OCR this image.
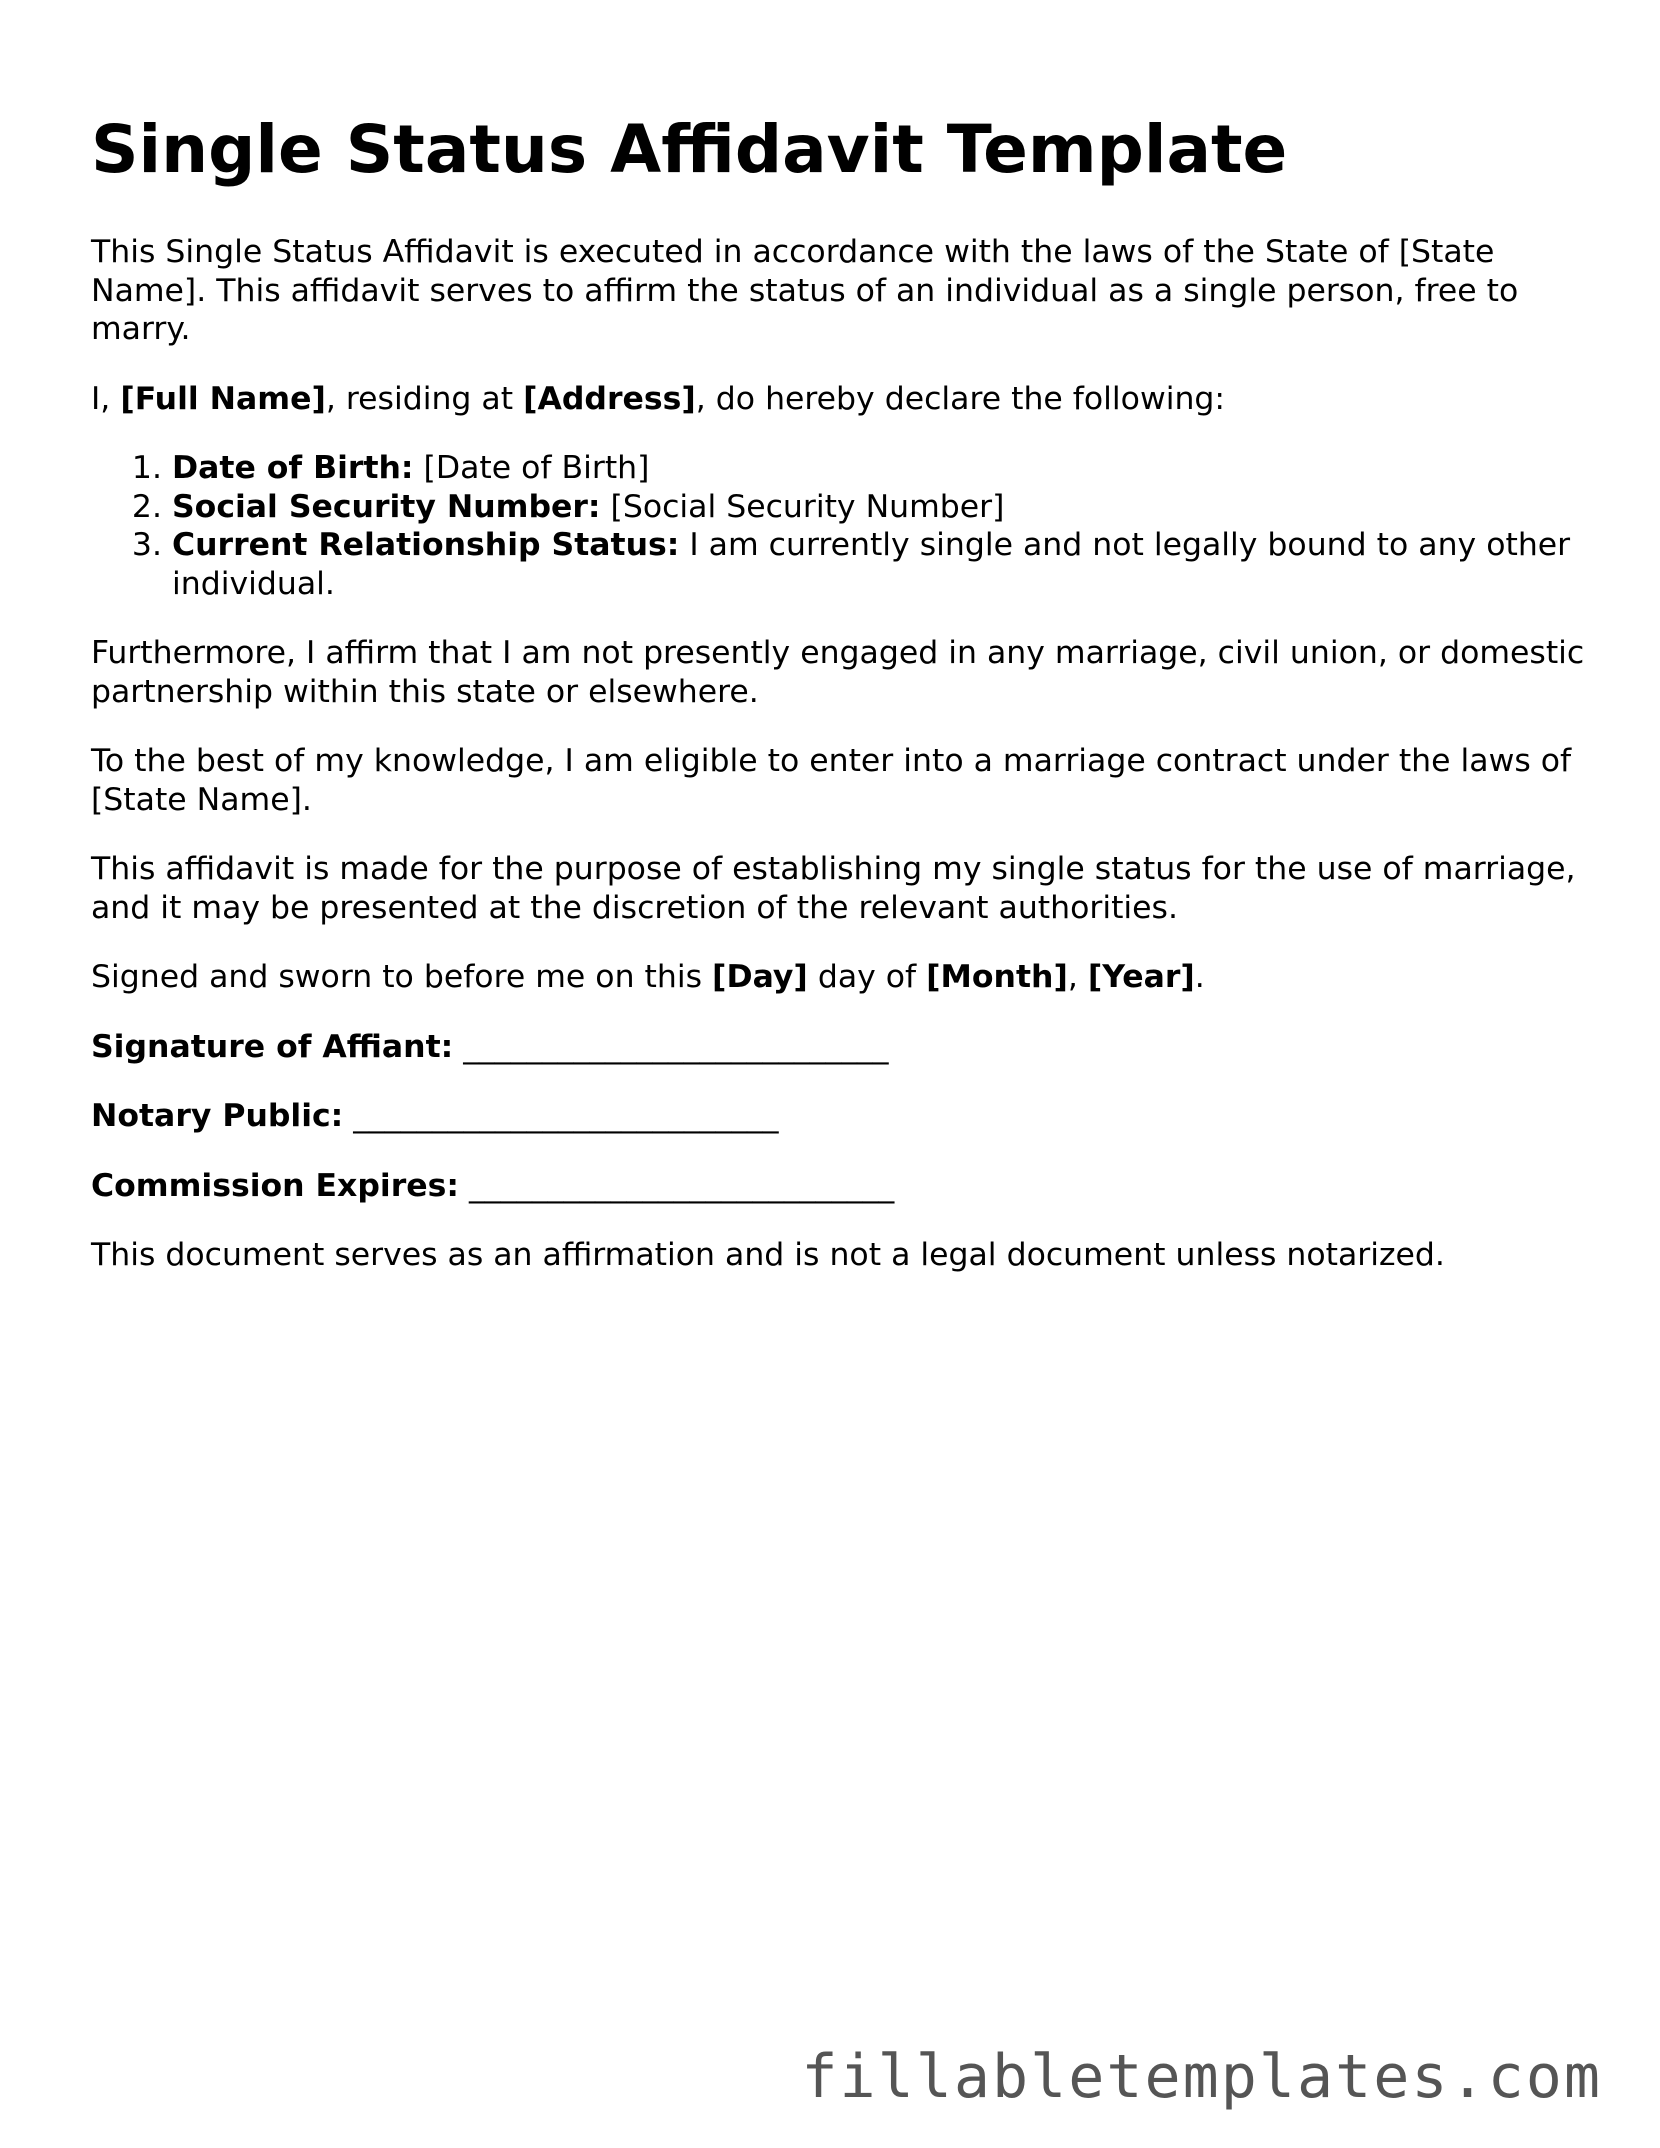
Single Status Affidavit Template

This Single Status Affidavit is executed in accordance with the laws of the State of [State Name]. This affidavit serves to affirm the status of an individual as a single person, free to marry.

I, [Full Name], residing at [Address], do hereby declare the following:

1. Date of Birth: [Date of Birth]
2. Social Security Number: [Social Security Number]
3. Current Relationship Status: I am currently single and not legally bound to any other individual.

Furthermore, I affirm that I am not presently engaged in any marriage, civil union, or domestic partnership within this state or elsewhere.

To the best of my knowledge, I am eligible to enter into a marriage contract under the laws of [State Name].

This affidavit is made for the purpose of establishing my single status for the use of marriage, and it may be presented at the discretion of the relevant authorities.

Signed and sworn to before me on this [Day] day of [Month], [Year].

Signature of Affiant: ___________________________

Notary Public: ___________________________

Commission Expires: ___________________________

This document serves as an affirmation and is not a legal document unless notarized.

fillabletemplates.com
